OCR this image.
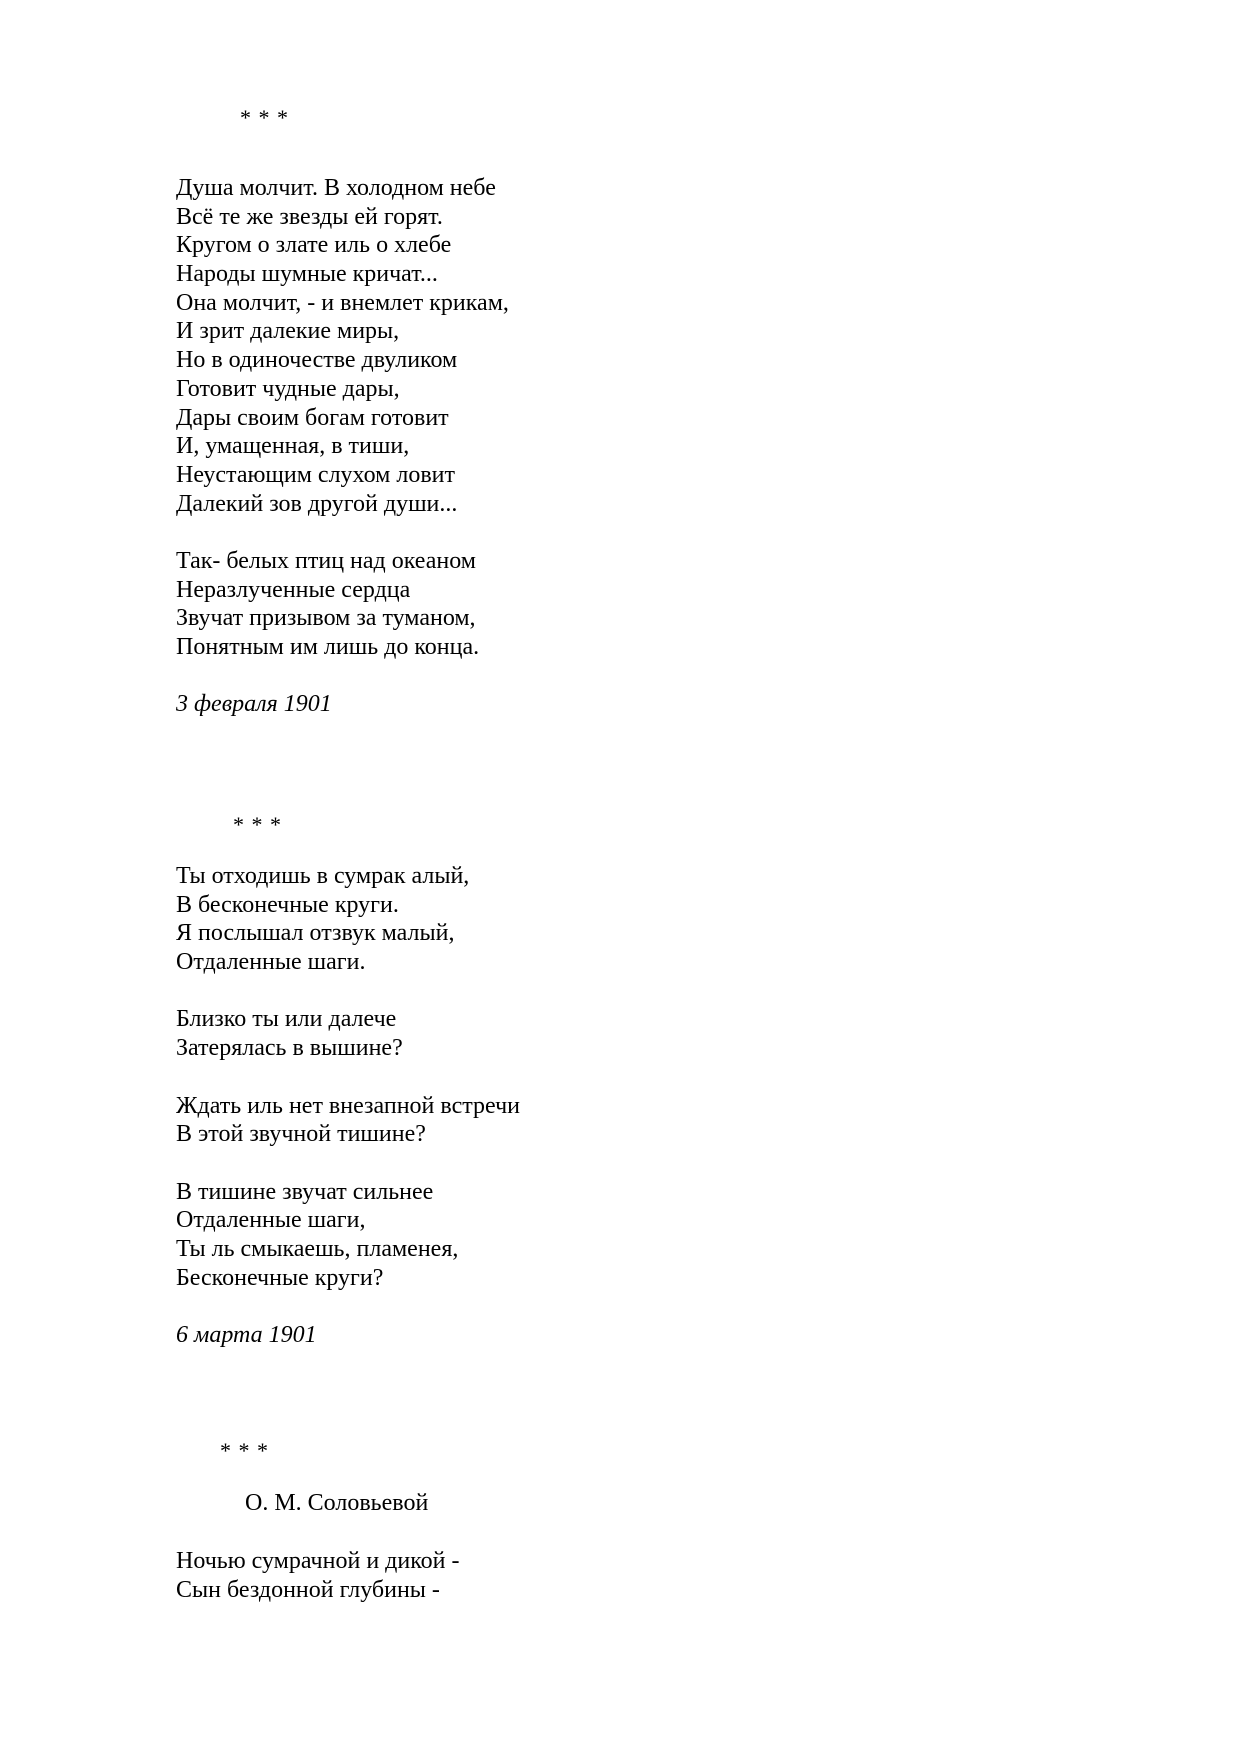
* * *
Душа молчит. В холодном небе
Всё те же звезды ей горят.
Кругом о злате иль о хлебе
Народы шумные кричат...
Она молчит, - и внемлет крикам,
И зрит далекие миры,
Но в одиночестве двуликом
Готовит чудные дары,
Дары своим богам готовит
И, умащенная, в тиши,
Неустающим слухом ловит
Далекий зов другой души...
Так- белых птиц над океаном
Неразлученные сердца
Звучат призывом за туманом,
Понятным им лишь до конца.
3 февраля 1901
* * *
Ты отходишь в сумрак алый,
В бесконечные круги.
Я послышал отзвук малый,
Отдаленные шаги.
Близко ты или далече
Затерялась в вышине?
Ждать иль нет внезапной встречи
В этой звучной тишине?
В тишине звучат сильнее
Отдаленные шаги,
Ты ль смыкаешь, пламенея,
Бесконечные круги?
6 марта 1901
* * *
О. М. Соловьевой
Ночью сумрачной и дикой -
Сын бездонной глубины -
